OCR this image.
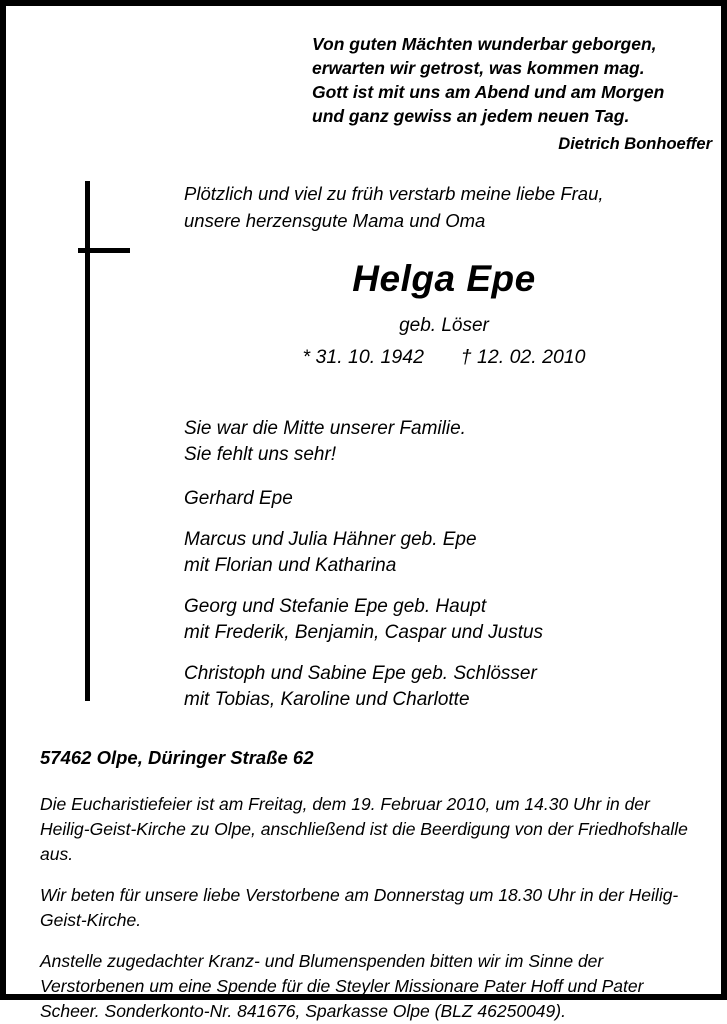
Von guten Mächten wunderbar geborgen,
erwarten wir getrost, was kommen mag.
Gott ist mit uns am Abend und am Morgen
und ganz gewiss an jedem neuen Tag.
Dietrich Bonhoeffer
Plötzlich und viel zu früh verstarb meine liebe Frau,
unsere herzensgute Mama und Oma
Helga Epe
geb. Löser
* 31. 10. 1942 † 12. 02. 2010
Sie war die Mitte unserer Familie.
Sie fehlt uns sehr!
Gerhard Epe
Marcus und Julia Hähner geb. Epe
mit Florian und Katharina
Georg und Stefanie Epe geb. Haupt
mit Frederik, Benjamin, Caspar und Justus
Christoph und Sabine Epe geb. Schlösser
mit Tobias, Karoline und Charlotte
57462 Olpe, Düringer Straße 62
Die Eucharistiefeier ist am Freitag, dem 19. Februar 2010, um 14.30 Uhr in der Heilig-Geist-Kirche zu Olpe, anschließend ist die Beerdigung von der Friedhofshalle aus.
Wir beten für unsere liebe Verstorbene am Donnerstag um 18.30 Uhr in der Heilig-Geist-Kirche.
Anstelle zugedachter Kranz- und Blumenspenden bitten wir im Sinne der Verstorbenen um eine Spende für die Steyler Missionare Pater Hoff und Pater Scheer. Sonderkonto-Nr. 841676, Sparkasse Olpe (BLZ 46250049).
